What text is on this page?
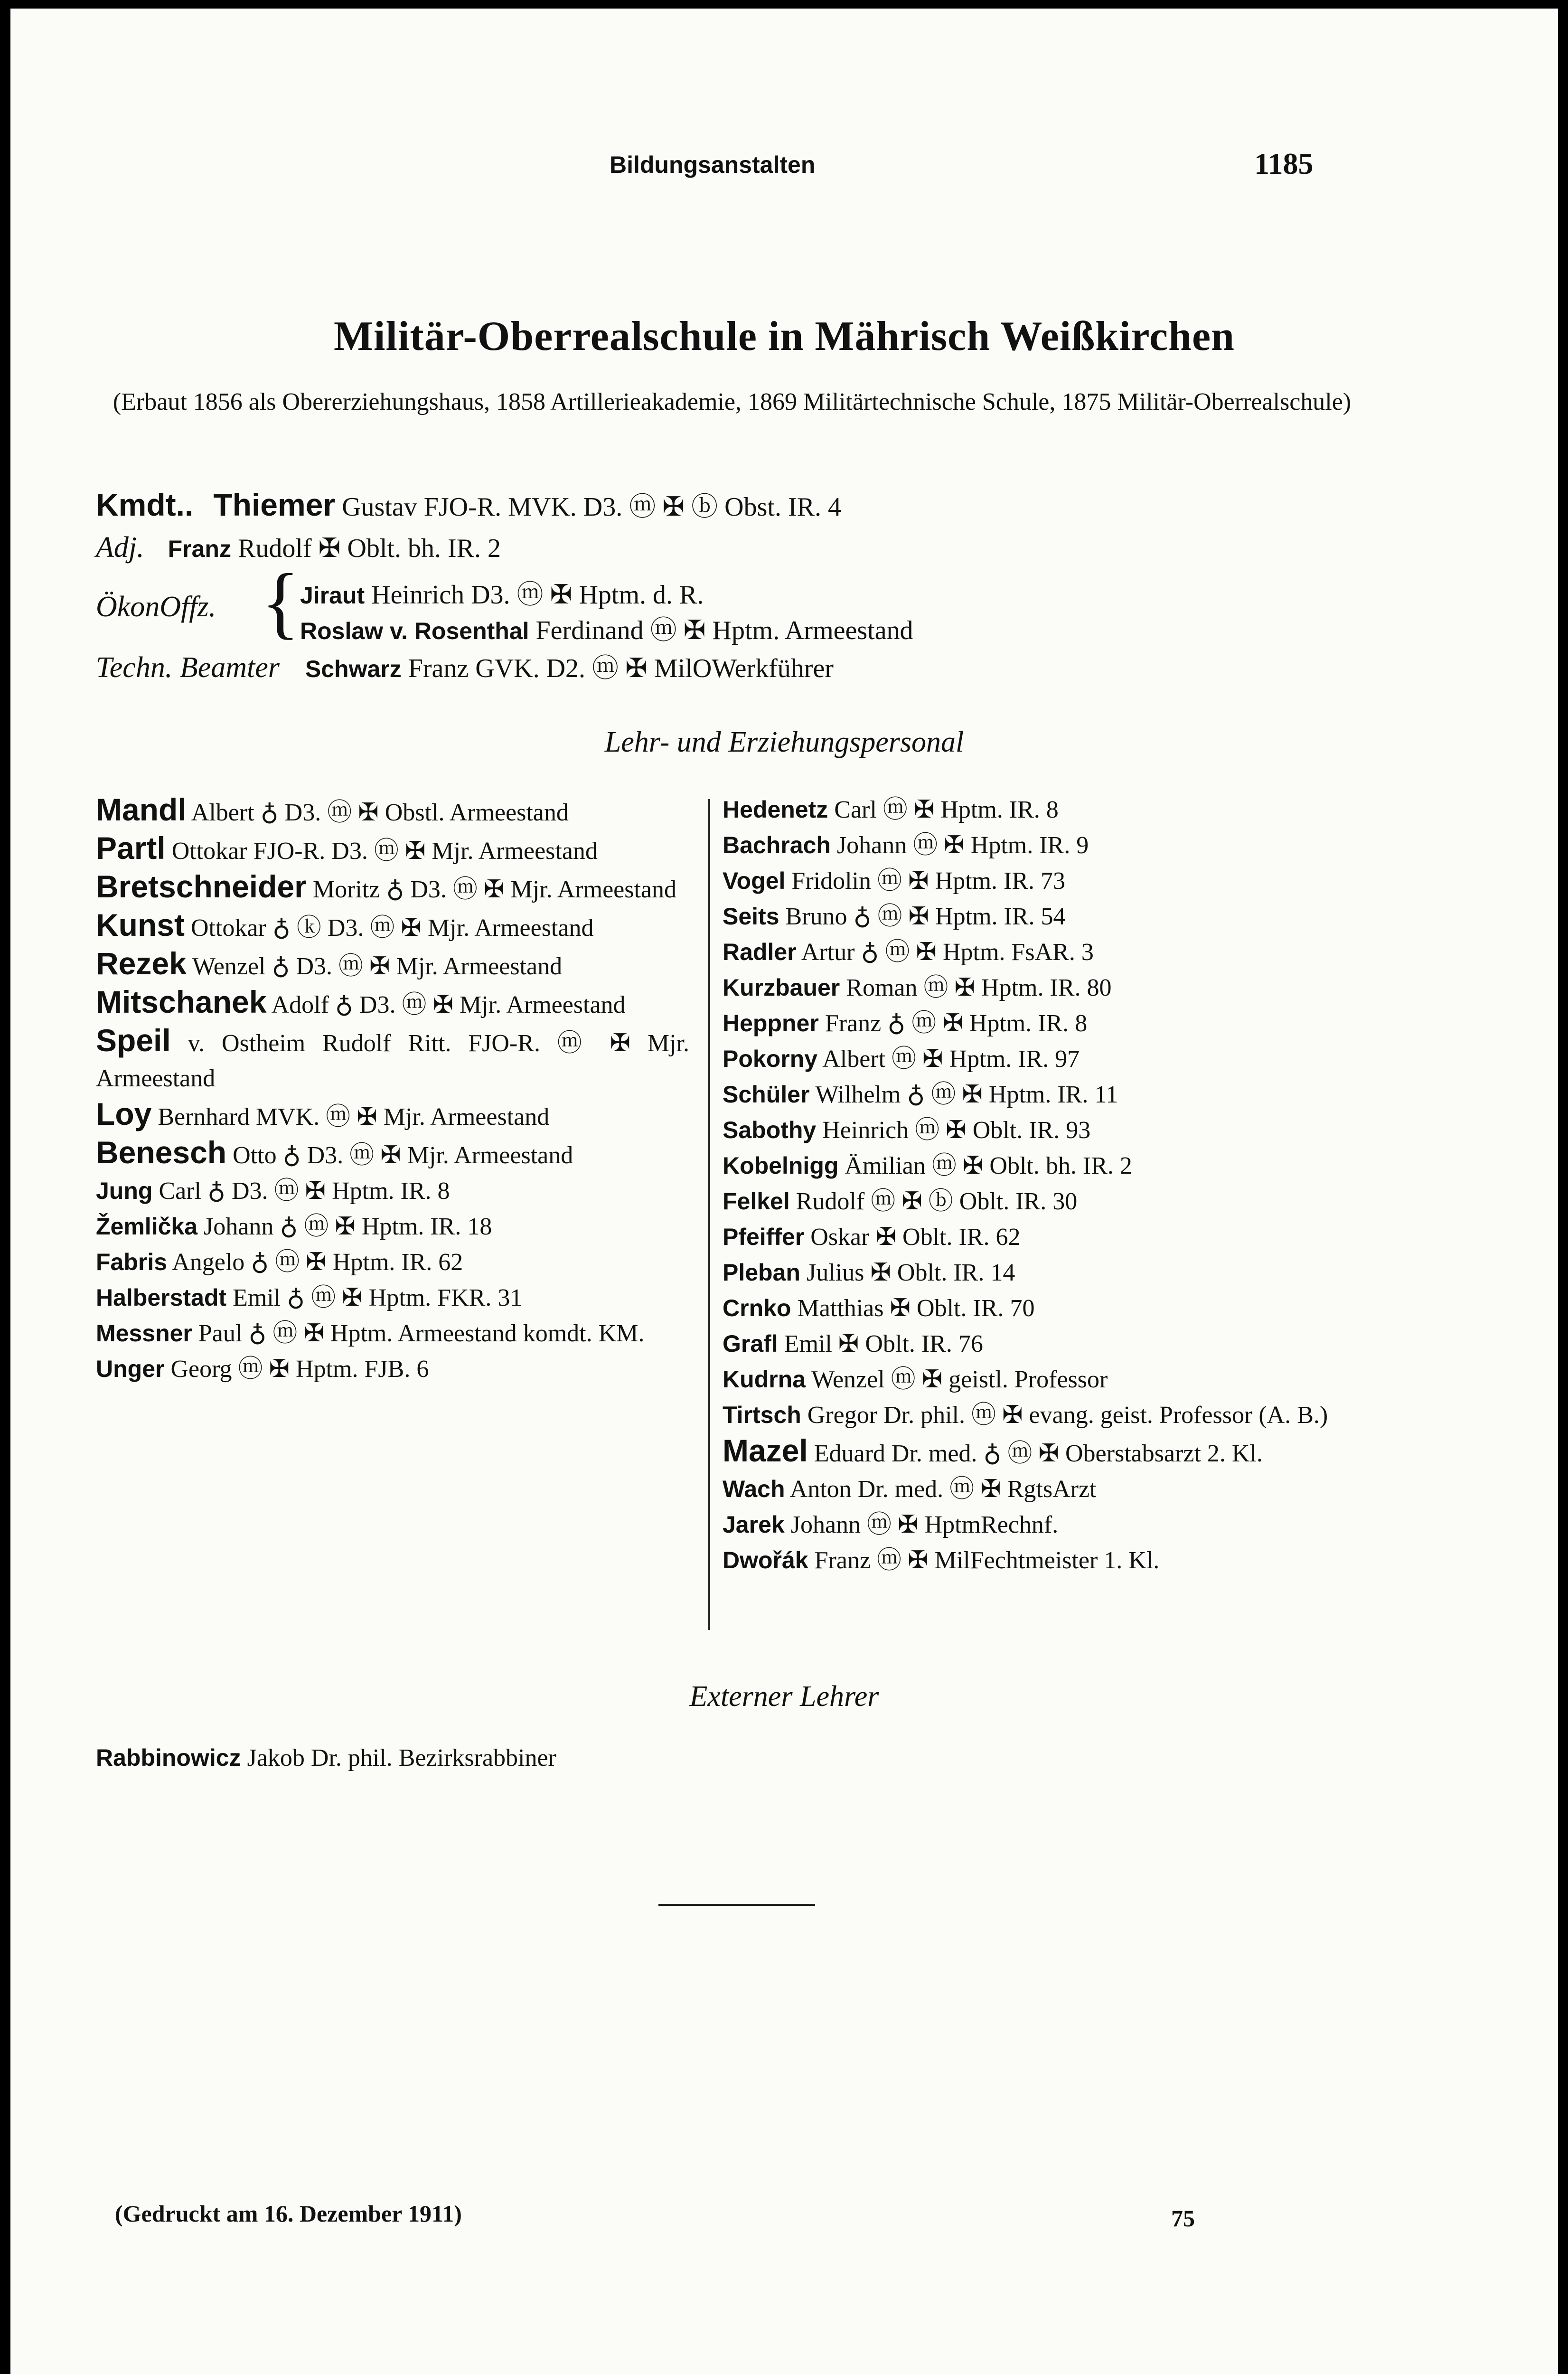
Bildungsanstalten	1185
Militär-Oberrealschule in Mährisch Weißkirchen
(Erbaut 1856 als Obererziehungshaus, 1858 Artillerieakademie, 1869 Militärtechnische Schule, 1875 Militär-Oberrealschule)
Kmdt.. Thiemer Gustav FJO-R. MVK. D3. ⓜ ✠ ⓑ Obst. IR. 4
Adj. Franz Rudolf ✠ Oblt. bh. IR. 2
ÖkonOffz. { Jiraut Heinrich D3. ⓜ ✠ Hptm. d. R.
Roslaw v. Rosenthal Ferdinand ⓜ ✠ Hptm. Armeestand
Techn. Beamter Schwarz Franz GVK. D2. ⓜ ✠ MilOWerkführer
Lehr- und Erziehungspersonal
Mandl Albert ♁ D3. ⓜ ✠ Obstl. Armeestand
Partl Ottokar FJO-R. D3. ⓜ ✠ Mjr. Armeestand
Bretschneider Moritz ♁ D3. ⓜ ✠ Mjr. Armeestand
Kunst Ottokar ♁ ⓚ D3. ⓜ ✠ Mjr. Armeestand
Rezek Wenzel ♁ D3. ⓜ ✠ Mjr. Armeestand
Mitschanek Adolf ♁ D3. ⓜ ✠ Mjr. Armeestand
Speil v. Ostheim Rudolf Ritt. FJO-R. ⓜ ✠ Mjr. Armeestand
Loy Bernhard MVK. ⓜ ✠ Mjr. Armeestand
Benesch Otto ♁ D3. ⓜ ✠ Mjr. Armeestand
Jung Carl ♁ D3. ⓜ ✠ Hptm. IR. 8
Žemlička Johann ♁ ⓜ ✠ Hptm. IR. 18
Fabris Angelo ♁ ⓜ ✠ Hptm. IR. 62
Halberstadt Emil ♁ ⓜ ✠ Hptm. FKR. 31
Messner Paul ♁ ⓜ ✠ Hptm. Armeestand komdt. KM.
Unger Georg ⓜ ✠ Hptm. FJB. 6
Hedenetz Carl ⓜ ✠ Hptm. IR. 8
Bachrach Johann ⓜ ✠ Hptm. IR. 9
Vogel Fridolin ⓜ ✠ Hptm. IR. 73
Seits Bruno ♁ ⓜ ✠ Hptm. IR. 54
Radler Artur ♁ ⓜ ✠ Hptm. FsAR. 3
Kurzbauer Roman ⓜ ✠ Hptm. IR. 80
Heppner Franz ♁ ⓜ ✠ Hptm. IR. 8
Pokorny Albert ⓜ ✠ Hptm. IR. 97
Schüler Wilhelm ♁ ⓜ ✠ Hptm. IR. 11
Sabothy Heinrich ⓜ ✠ Oblt. IR. 93
Kobelnigg Ämilian ⓜ ✠ Oblt. bh. IR. 2
Felkel Rudolf ⓜ ✠ ⓑ Oblt. IR. 30
Pfeiffer Oskar ✠ Oblt. IR. 62
Pleban Julius ✠ Oblt. IR. 14
Crnko Matthias ✠ Oblt. IR. 70
Grafl Emil ✠ Oblt. IR. 76
Kudrna Wenzel ⓜ ✠ geistl. Professor
Tirtsch Gregor Dr. phil. ⓜ ✠ evang. geist. Professor (A. B.)
Mazel Eduard Dr. med. ♁ ⓜ ✠ Oberstabsarzt 2. Kl.
Wach Anton Dr. med. ⓜ ✠ RgtsArzt
Jarek Johann ⓜ ✠ HptmRechnf.
Dwořák Franz ⓜ ✠ MilFechtmeister 1. Kl.
Externer Lehrer
Rabbinowicz Jakob Dr. phil. Bezirksrabbiner
(Gedruckt am 16. Dezember 1911)	75
